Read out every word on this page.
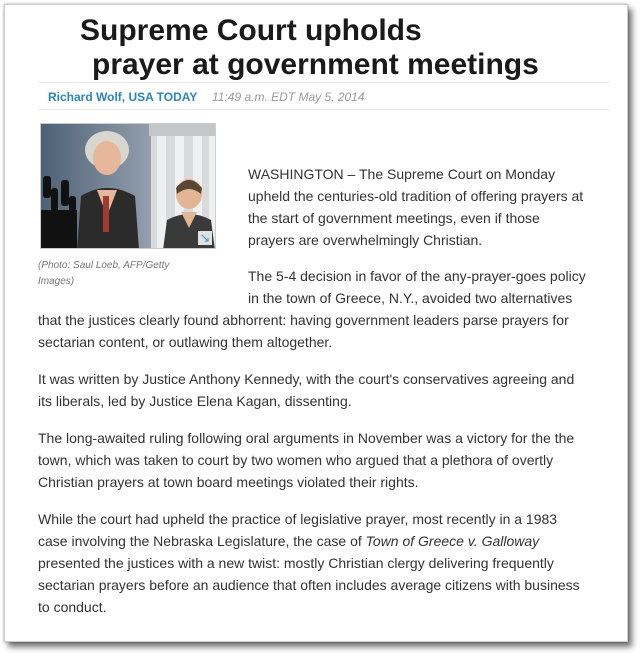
Supreme Court upholds
prayer at government meetings
Richard Wolf, USA TODAY 11:49 a.m. EDT May 5, 2014
↘
(Photo: Saul Loeb, AFP/Getty Images)

WASHINGTON – The Supreme Court on Monday upheld the centuries-old tradition of offering prayers at the start of government meetings, even if those prayers are overwhelmingly Christian.

The 5-4 decision in favor of the any-prayer-goes policy in the town of Greece, N.Y., avoided two alternatives that the justices clearly found abhorrent: having government leaders parse prayers for sectarian content, or outlawing them altogether.

It was written by Justice Anthony Kennedy, with the court's conservatives agreeing and its liberals, led by Justice Elena Kagan, dissenting.

The long-awaited ruling following oral arguments in November was a victory for the the town, which was taken to court by two women who argued that a plethora of overtly Christian prayers at town board meetings violated their rights.

While the court had upheld the practice of legislative prayer, most recently in a 1983 case involving the Nebraska Legislature, the case of Town of Greece v. Galloway presented the justices with a new twist: mostly Christian clergy delivering frequently sectarian prayers before an audience that often includes average citizens with business to conduct.
